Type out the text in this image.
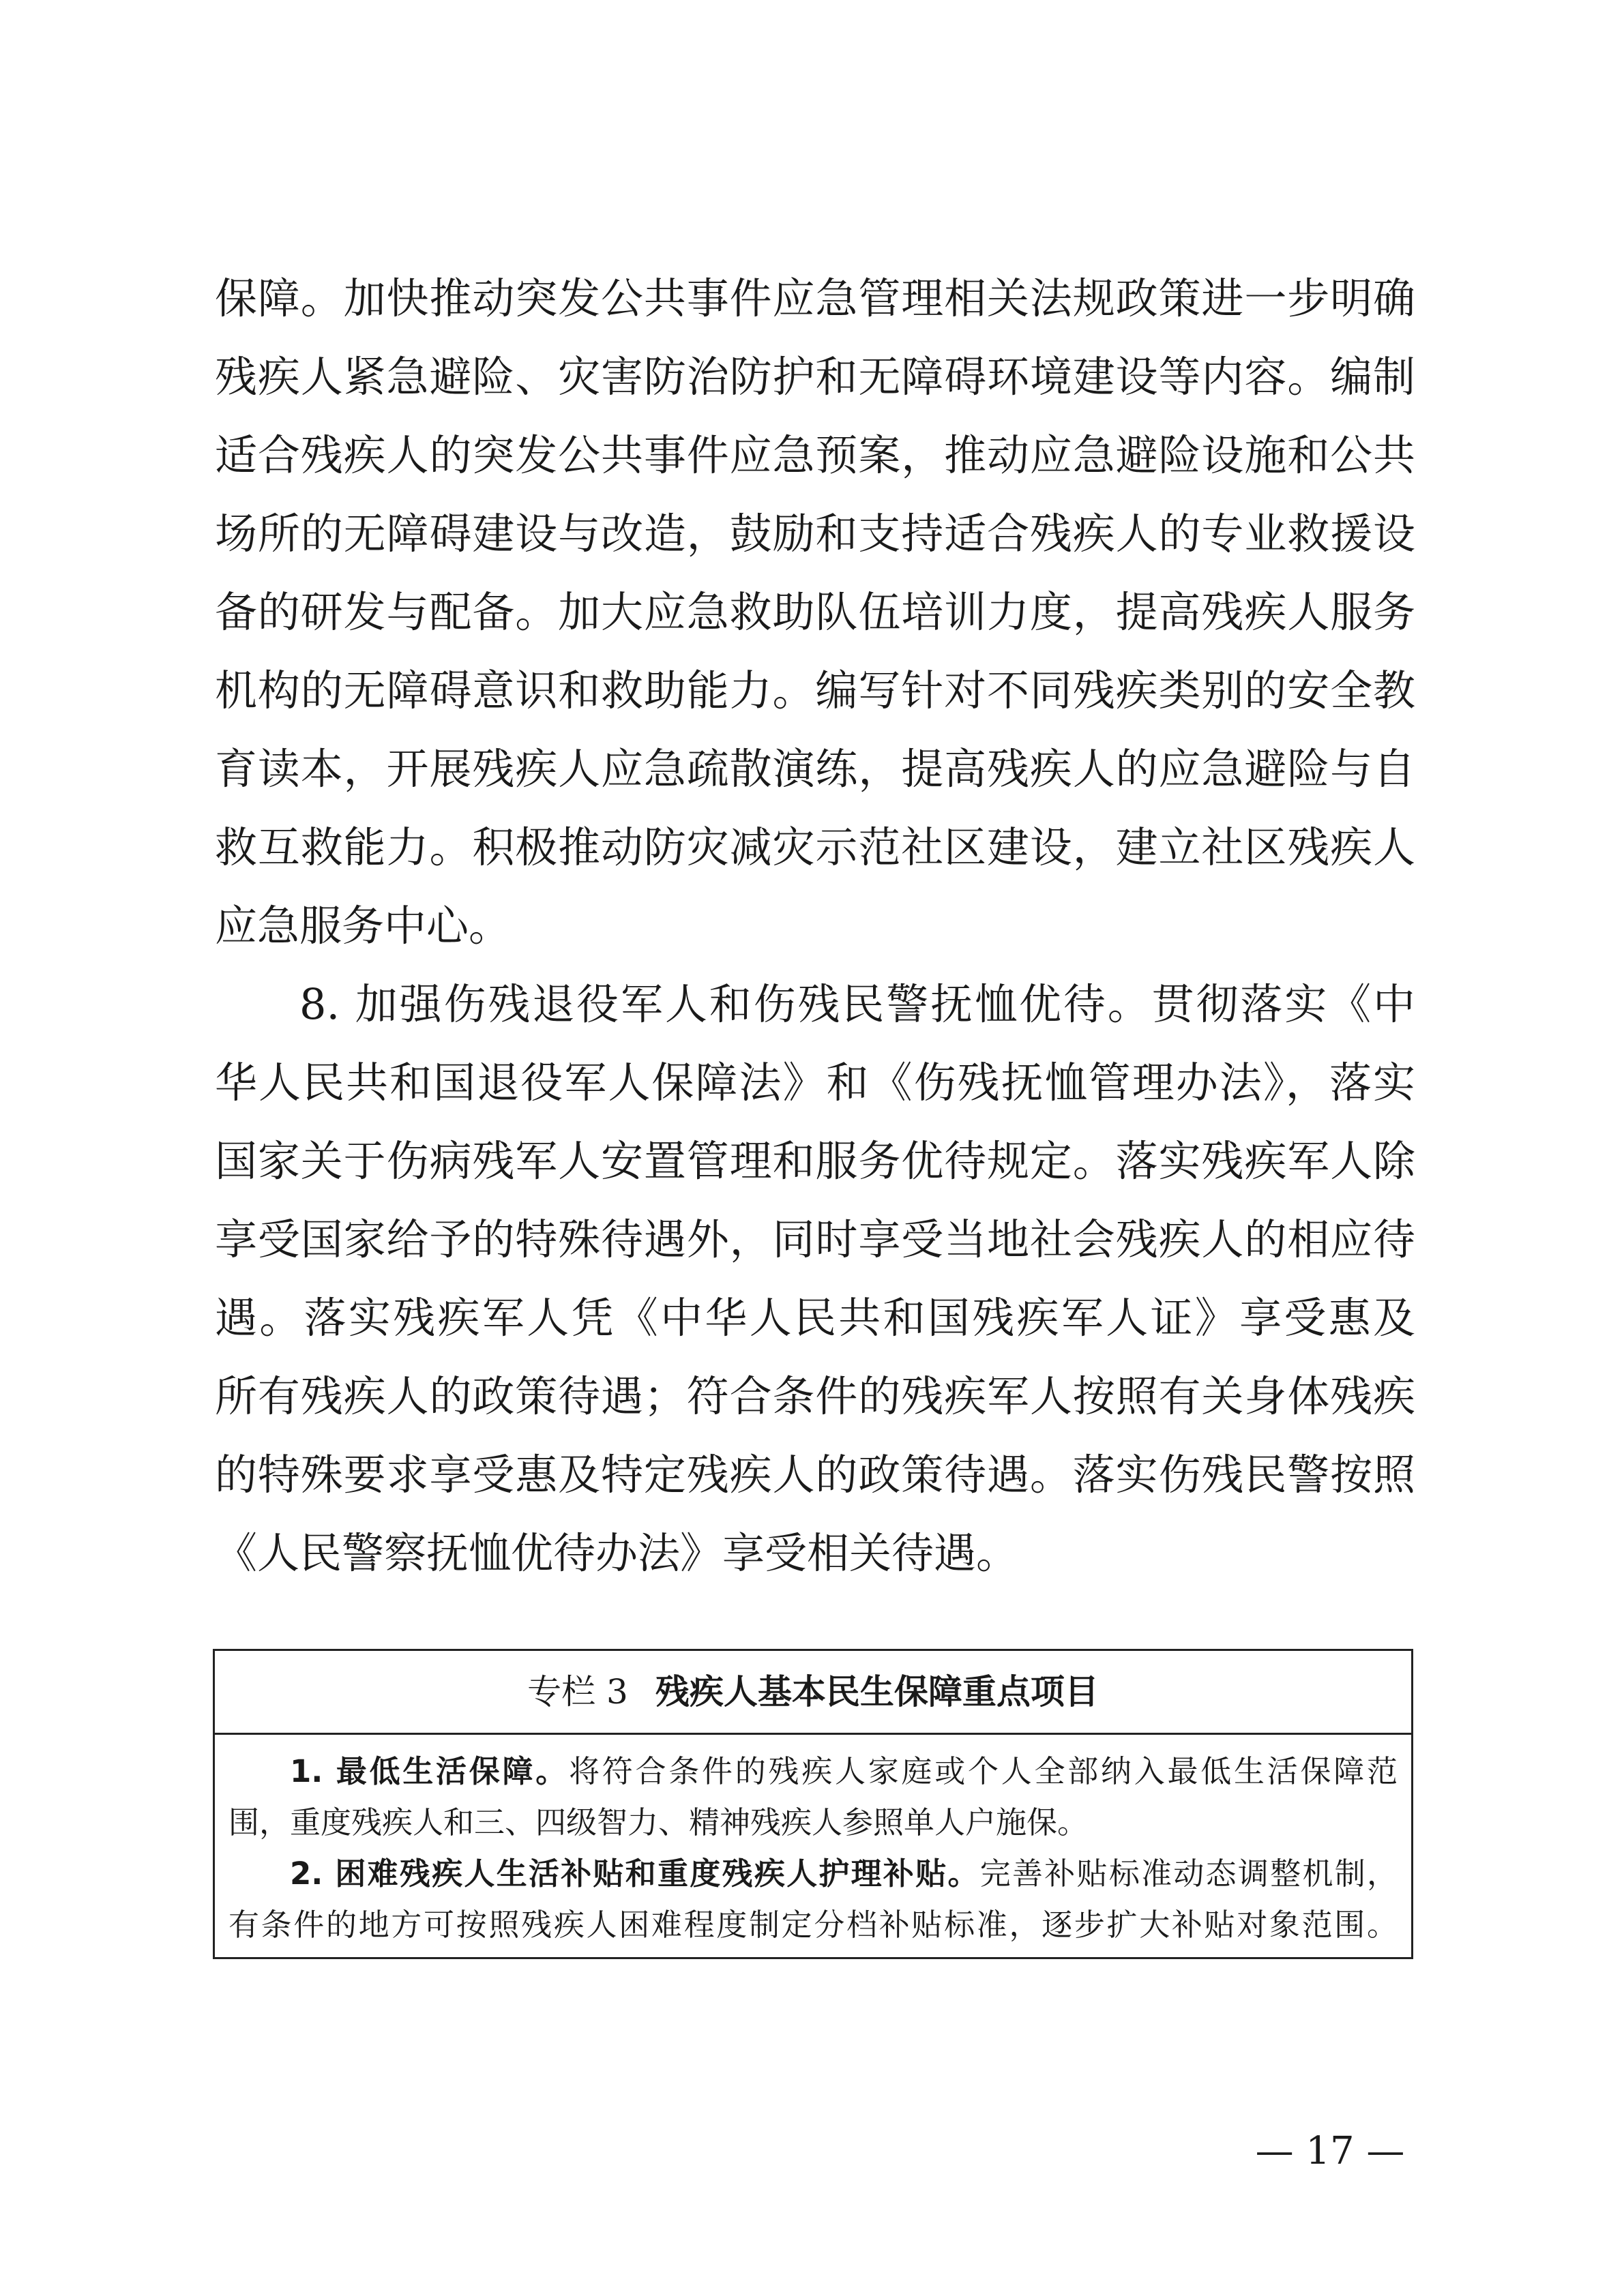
保障。加快推动突发公共事件应急管理相关法规政策进一步明确
残疾人紧急避险、灾害防治防护和无障碍环境建设等内容。编制
适合残疾人的突发公共事件应急预案，推动应急避险设施和公共
场所的无障碍建设与改造，鼓励和支持适合残疾人的专业救援设
备的研发与配备。加大应急救助队伍培训力度，提高残疾人服务
机构的无障碍意识和救助能力。编写针对不同残疾类别的安全教
育读本，开展残疾人应急疏散演练，提高残疾人的应急避险与自
救互救能力。积极推动防灾减灾示范社区建设，建立社区残疾人
应急服务中心。
8. 加强伤残退役军人和伤残民警抚恤优待。贯彻落实《中
华人民共和国退役军人保障法》和《伤残抚恤管理办法》，落实
国家关于伤病残军人安置管理和服务优待规定。落实残疾军人除
享受国家给予的特殊待遇外，同时享受当地社会残疾人的相应待
遇。落实残疾军人凭《中华人民共和国残疾军人证》享受惠及
所有残疾人的政策待遇；符合条件的残疾军人按照有关身体残疾
的特殊要求享受惠及特定残疾人的政策待遇。落实伤残民警按照
《人民警察抚恤优待办法》享受相关待遇。
专栏 3 残疾人基本民生保障重点项目
1. 最低生活保障。将符合条件的残疾人家庭或个人全部纳入最低生活保障范
围，重度残疾人和三、四级智力、精神残疾人参照单人户施保。
2. 困难残疾人生活补贴和重度残疾人护理补贴。完善补贴标准动态调整机制，
有条件的地方可按照残疾人困难程度制定分档补贴标准，逐步扩大补贴对象范围。
— 17 —
